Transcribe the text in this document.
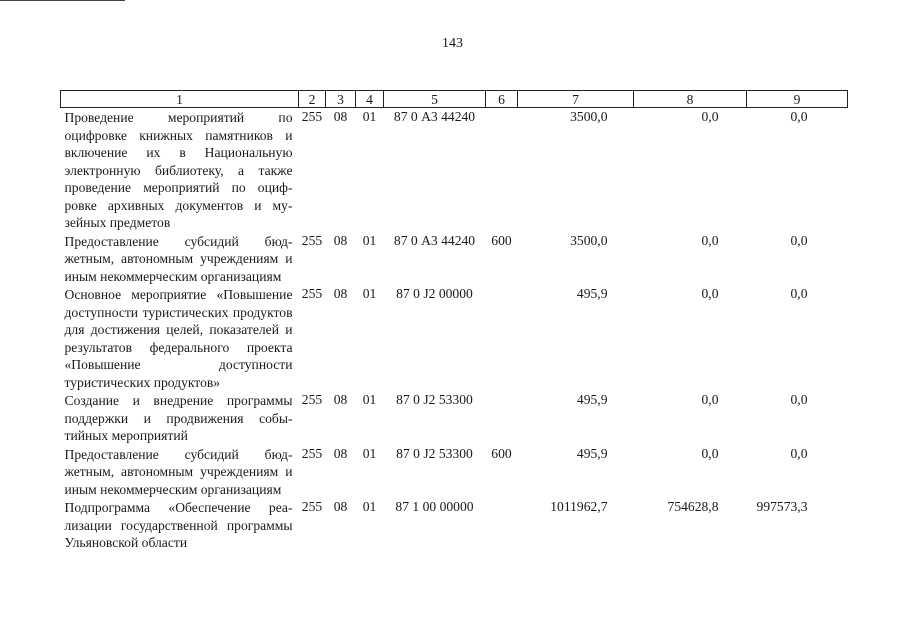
143
1	2	3	4	5	6	7	8	9
Проведение мероприятий по оцифровке книжных памятников и включение их в Национальную электронную библиотеку, а также проведение мероприятий по оцифровке архивных документов и музейных предметов	255	08	01	87 0 А3 44240		3500,0	0,0	0,0
Предоставление субсидий бюджетным, автономным учреждениям и иным некоммерческим организациям	255	08	01	87 0 А3 44240	600	3500,0	0,0	0,0
Основное мероприятие «Повышение доступности туристических продуктов для достижения целей, показателей и результатов федерального проекта «Повышение доступности туристических продуктов»	255	08	01	87 0 J2 00000		495,9	0,0	0,0
Создание и внедрение программы поддержки и продвижения событийных мероприятий	255	08	01	87 0 J2 53300		495,9	0,0	0,0
Предоставление субсидий бюджетным, автономным учреждениям и иным некоммерческим организациям	255	08	01	87 0 J2 53300	600	495,9	0,0	0,0
Подпрограмма «Обеспечение реализации государственной программы Ульяновской области	255	08	01	87 1 00 00000		1011962,7	754628,8	997573,3
